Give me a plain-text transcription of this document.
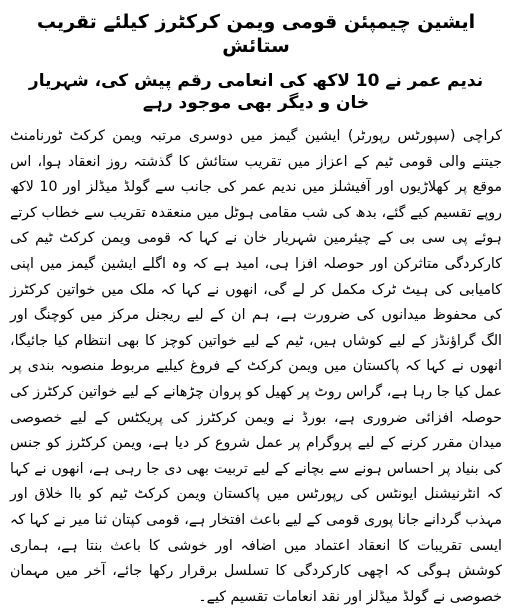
ایشین چیمپئن قومی ویمن کرکٹرز کیلئے تقریب ستائش
ندیم عمر نے 10 لاکھ کی انعامی رقم پیش کی، شہریار خان و دیگر بھی موجود رہے

کراچی (سپورٹس رپورٹر) ایشین گیمز میں دوسری مرتبہ ویمن کرکٹ ٹورنامنٹ جیتنے والی قومی ٹیم کے اعزاز میں تقریب ستائش کا گذشتہ روز انعقاد ہوا، اس موقع پر کھلاڑیوں اور آفیشلز میں ندیم عمر کی جانب سے گولڈ میڈلز اور 10 لاکھ روپے تقسیم کیے گئے، بدھ کی شب مقامی ہوٹل میں منعقدہ تقریب سے خطاب کرتے ہوئے پی سی بی کے چیئرمین شہریار خان نے کہا کہ قومی ویمن کرکٹ ٹیم کی کارکردگی متاثرکن اور حوصلہ افزا ہی، امید ہے کہ وہ اگلے ایشین گیمز میں اپنی کامیابی کی ہیٹ ٹرک مکمل کر لے گی، انھوں نے کہا کہ ملک میں خواتین کرکٹرز کی محفوظ میدانوں کی ضرورت ہے، ہم ان کے لیے ریجنل مرکز میں کوچنگ اور الگ گراؤنڈز کے لیے کوشاں ہیں، ٹیم کے لیے خواتین کوچز کا بھی انتظام کیا جائیگا، انھوں نے کہا کہ پاکستان میں ویمن کرکٹ کے فروغ کیلیے مربوط منصوبہ بندی پر عمل کیا جا رہا ہے، گراس روٹ پر کھیل کو پروان چڑھانے کے لیے خواتین کرکٹرز کی حوصلہ افزائی ضروری ہے، بورڈ نے ویمن کرکٹرز کی پریکٹس کے لیے خصوصی میدان مقرر کرنے کے لیے پروگرام پر عمل شروع کر دیا ہے، ویمن کرکٹرز کو جنس کی بنیاد پر احساس ہونے سے بچانے کے لیے تربیت بھی دی جا رہی ہے، انھوں نے کہا کہ انٹرنیشنل ایونٹس کی رپورٹس میں پاکستان ویمن کرکٹ ٹیم کو باا خلاق اور مہذب گردانے جانا پوری قومی کے لیے باعث افتخار ہے، قومی کپتان ثنا میر نے کہا کہ ایسی تقریبات کا انعقاد اعتماد میں اضافہ اور خوشی کا باعث بنتا ہے، ہماری کوشش ہوگی کہ اچھی کارکردگی کا تسلسل برقرار رکھا جائے، آخر میں مہمان خصوصی نے گولڈ میڈلز اور نقد انعامات تقسیم کیے۔
